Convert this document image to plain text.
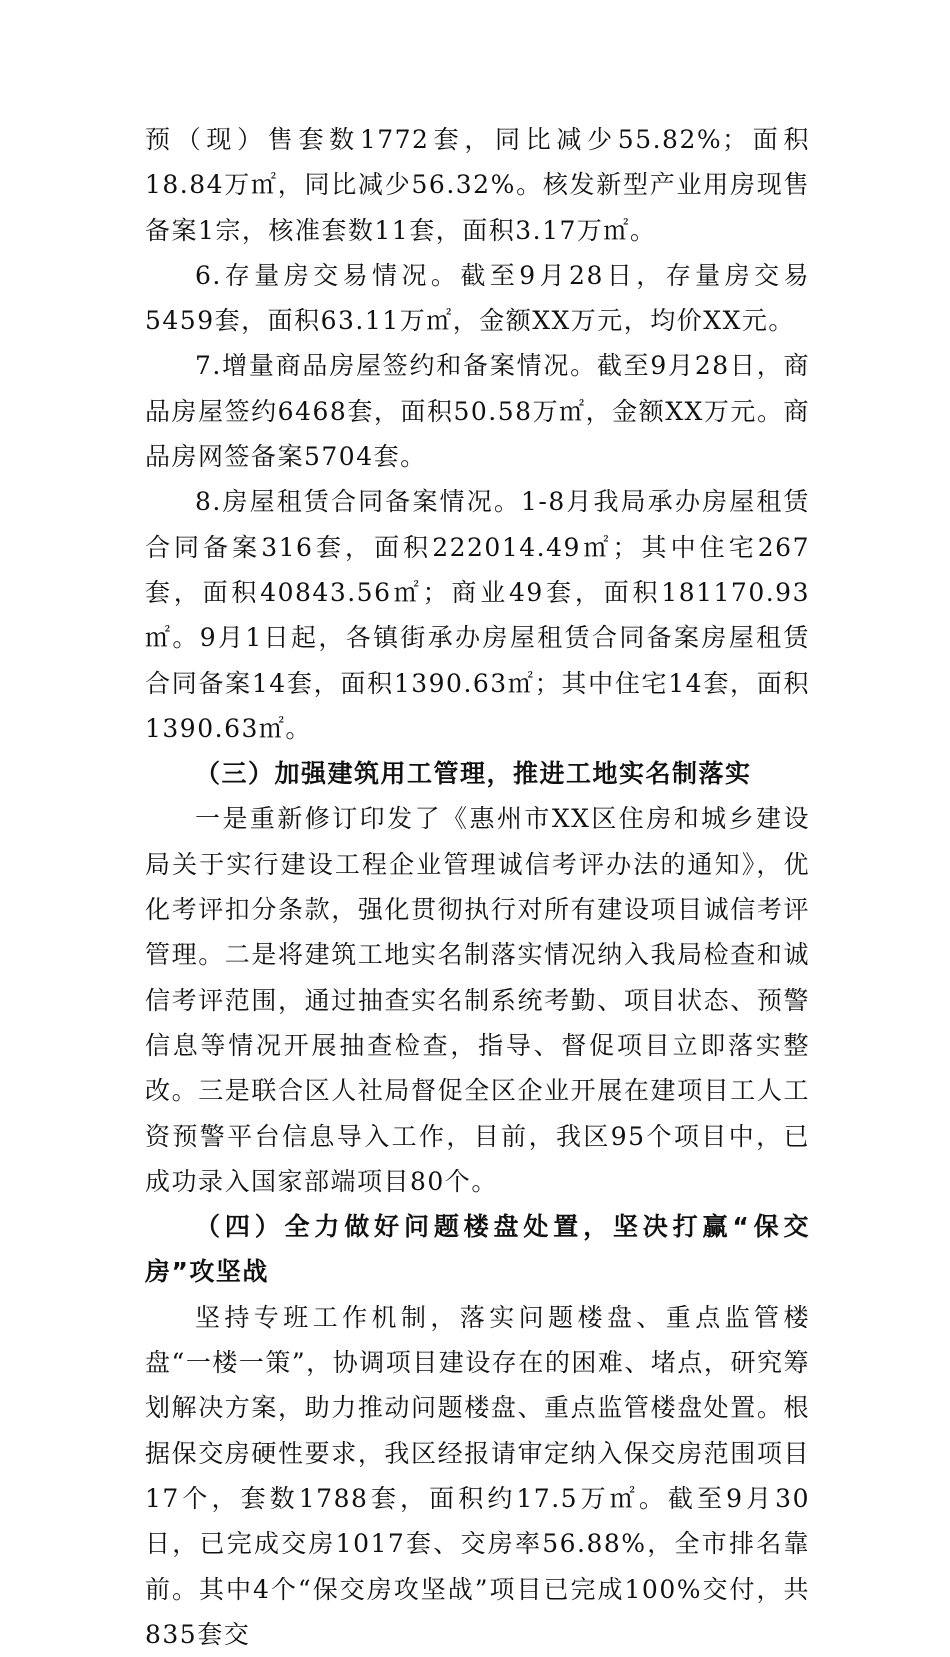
预（现）售套数1772套，同比减少55.82%；面积18.84万㎡，同比减少56.32%。核发新型产业用房现售备案1宗，核准套数11套，面积3.17万㎡。

6.存量房交易情况。截至9月28日，存量房交易5459套，面积63.11万㎡，金额XX万元，均价XX元。

7.增量商品房屋签约和备案情况。截至9月28日，商品房屋签约6468套，面积50.58万㎡，金额XX万元。商品房网签备案5704套。

8.房屋租赁合同备案情况。1-8月我局承办房屋租赁合同备案316套，面积222014.49㎡；其中住宅267套，面积40843.56㎡；商业49套，面积181170.93㎡。9月1日起，各镇街承办房屋租赁合同备案房屋租赁合同备案14套，面积1390.63㎡；其中住宅14套，面积1390.63㎡。

（三）加强建筑用工管理，推进工地实名制落实

一是重新修订印发了《惠州市XX区住房和城乡建设局关于实行建设工程企业管理诚信考评办法的通知》，优化考评扣分条款，强化贯彻执行对所有建设项目诚信考评管理。二是将建筑工地实名制落实情况纳入我局检查和诚信考评范围，通过抽查实名制系统考勤、项目状态、预警信息等情况开展抽查检查，指导、督促项目立即落实整改。三是联合区人社局督促全区企业开展在建项目工人工资预警平台信息导入工作，目前，我区95个项目中，已成功录入国家部端项目80个。

（四）全力做好问题楼盘处置，坚决打赢“保交房”攻坚战

坚持专班工作机制，落实问题楼盘、重点监管楼盘“一楼一策”，协调项目建设存在的困难、堵点，研究筹划解决方案，助力推动问题楼盘、重点监管楼盘处置。根据保交房硬性要求，我区经报请审定纳入保交房范围项目17个，套数1788套，面积约17.5万㎡。截至9月30日，已完成交房1017套、交房率56.88%，全市排名靠前。其中4个“保交房攻坚战”项目已完成100%交付，共835套交
